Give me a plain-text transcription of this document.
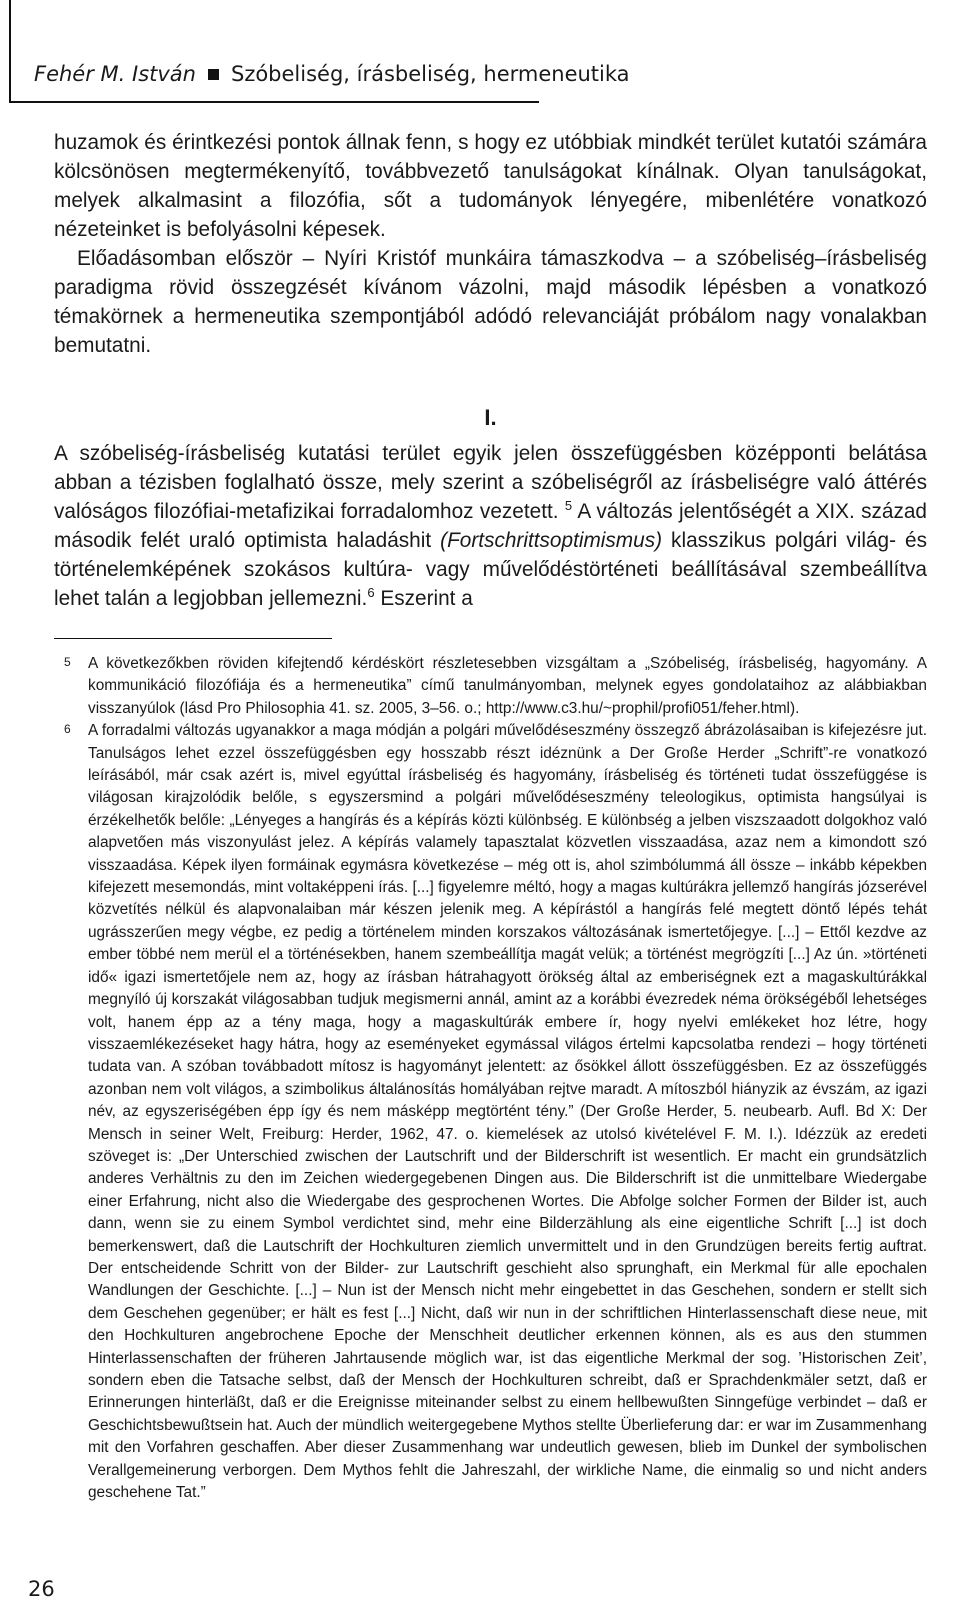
Fehér M. István Szóbeliség, írásbeliség, hermeneutika

huzamok és érintkezési pontok állnak fenn, s hogy ez utóbbiak mindkét terület kutatói számára kölcsönösen megtermékenyítő, továbbvezető tanulságokat kínálnak. Olyan tanulságokat, melyek alkalmasint a filozófia, sőt a tudományok lényegére, mibenlétére vonatkozó nézeteinket is befolyásolni képesek.

Előadásomban először – Nyíri Kristóf munkáira támaszkodva – a szóbeliség–írásbeliség paradigma rövid összegzését kívánom vázolni, majd második lépésben a vonatkozó témakörnek a hermeneutika szempontjából adódó relevanciáját próbálom nagy vonalakban bemutatni.

I.

A szóbeliség-írásbeliség kutatási terület egyik jelen összefüggésben középponti belátása abban a tézisben foglalható össze, mely szerint a szóbeliségről az írásbeliségre való áttérés valóságos filozófiai-metafizikai forradalomhoz vezetett. $^5$ A változás jelentőségét a XIX. század második felét uraló optimista haladáshit (Fortschrittsoptimismus) klasszikus polgári világ- és történelemképének szokásos kultúra- vagy művelődéstörténeti beállításával szembeállítva lehet talán a legjobban jellemezni.$^6$ Eszerint a

5 A következőkben röviden kifejtendő kérdéskört részletesebben vizsgáltam a „Szóbeliség, írásbeliség, hagyomány. A kommunikáció filozófiája és a hermeneutika” című tanulmányomban, melynek egyes gondolataihoz az alábbiakban visszanyúlok (lásd Pro Philosophia 41. sz. 2005, 3–56. o.; http://www.c3.hu/~prophil/profi051/feher.html).

6 A forradalmi változás ugyanakkor a maga módján a polgári művelődéseszmény összegző ábrázolásaiban is kifejezésre jut. Tanulságos lehet ezzel összefüggésben egy hosszabb részt idéznünk a Der Große Herder „Schrift”-re vonatkozó leírásából, már csak azért is, mivel egyúttal írásbeliség és hagyomány, írásbeliség és történeti tudat összefüggése is világosan kirajzolódik belőle, s egyszersmind a polgári művelődéseszmény teleologikus, optimista hangsúlyai is érzékelhetők belőle: „Lényeges a hangírás és a képírás közti különbség. E különbség a jelben viszszaadott dolgokhoz való alapvetően más viszonyulást jelez. A képírás valamely tapasztalat közvetlen visszaadása, azaz nem a kimondott szó visszaadása. Képek ilyen formáinak egymásra következése – még ott is, ahol szimbólummá áll össze – inkább képekben kifejezett mesemondás, mint voltaképpeni írás. [...] figyelemre méltó, hogy a magas kultúrákra jellemző hangírás józserével közvetítés nélkül és alapvonalaiban már készen jelenik meg. A képírástól a hangírás felé megtett döntő lépés tehát ugrásszerűen megy végbe, ez pedig a történelem minden korszakos változásának ismertetőjegye. [...] – Ettől kezdve az ember többé nem merül el a történésekben, hanem szembeállítja magát velük; a történést megrögzíti [...] Az ún. »történeti idő« igazi ismertetőjele nem az, hogy az írásban hátrahagyott örökség által az emberiségnek ezt a magaskultúrákkal megnyíló új korszakát világosabban tudjuk megismerni annál, amint az a korábbi évezredek néma örökségéből lehetséges volt, hanem épp az a tény maga, hogy a magaskultúrák embere ír, hogy nyelvi emlékeket hoz létre, hogy visszaemlékezéseket hagy hátra, hogy az eseményeket egymással világos értelmi kapcsolatba rendezi – hogy történeti tudata van. A szóban továbbadott mítosz is hagyományt jelentett: az ősökkel állott összefüggésben. Ez az összefüggés azonban nem volt világos, a szimbolikus általánosítás homályában rejtve maradt. A mítoszból hiányzik az évszám, az igazi név, az egyszeriségében épp így és nem másképp megtörtént tény.” (Der Große Herder, 5. neubearb. Aufl. Bd X: Der Mensch in seiner Welt, Freiburg: Herder, 1962, 47. o. kiemelések az utolsó kivételével F. M. I.). Idézzük az eredeti szöveget is: „Der Unterschied zwischen der Lautschrift und der Bilderschrift ist wesentlich. Er macht ein grundsätzlich anderes Verhältnis zu den im Zeichen wiedergegebenen Dingen aus. Die Bilderschrift ist die unmittelbare Wiedergabe einer Erfahrung, nicht also die Wiedergabe des gesprochenen Wortes. Die Abfolge solcher Formen der Bilder ist, auch dann, wenn sie zu einem Symbol verdichtet sind, mehr eine Bilderzählung als eine eigentliche Schrift [...] ist doch bemerkenswert, daß die Lautschrift der Hochkulturen ziemlich unvermittelt und in den Grundzügen bereits fertig auftrat. Der entscheidende Schritt von der Bilder- zur Lautschrift geschieht also sprunghaft, ein Merkmal für alle epochalen Wandlungen der Geschichte. [...] – Nun ist der Mensch nicht mehr eingebettet in das Geschehen, sondern er stellt sich dem Geschehen gegenüber; er hält es fest [...] Nicht, daß wir nun in der schriftlichen Hinterlassenschaft diese neue, mit den Hochkulturen angebrochene Epoche der Menschheit deutlicher erkennen können, als es aus den stummen Hinterlassenschaften der früheren Jahrtausende möglich war, ist das eigentliche Merkmal der sog. ’Historischen Zeit’, sondern eben die Tatsache selbst, daß der Mensch der Hochkulturen schreibt, daß er Sprachdenkmäler setzt, daß er Erinnerungen hinterläßt, daß er die Ereignisse miteinander selbst zu einem hellbewußten Sinngefüge verbindet – daß er Geschichtsbewußtsein hat. Auch der mündlich weitergegebene Mythos stellte Überlieferung dar: er war im Zusammenhang mit den Vorfahren geschaffen. Aber dieser Zusammenhang war undeutlich gewesen, blieb im Dunkel der symbolischen Verallgemeinerung verborgen. Dem Mythos fehlt die Jahreszahl, der wirkliche Name, die einmalig so und nicht anders geschehene Tat.”

26
